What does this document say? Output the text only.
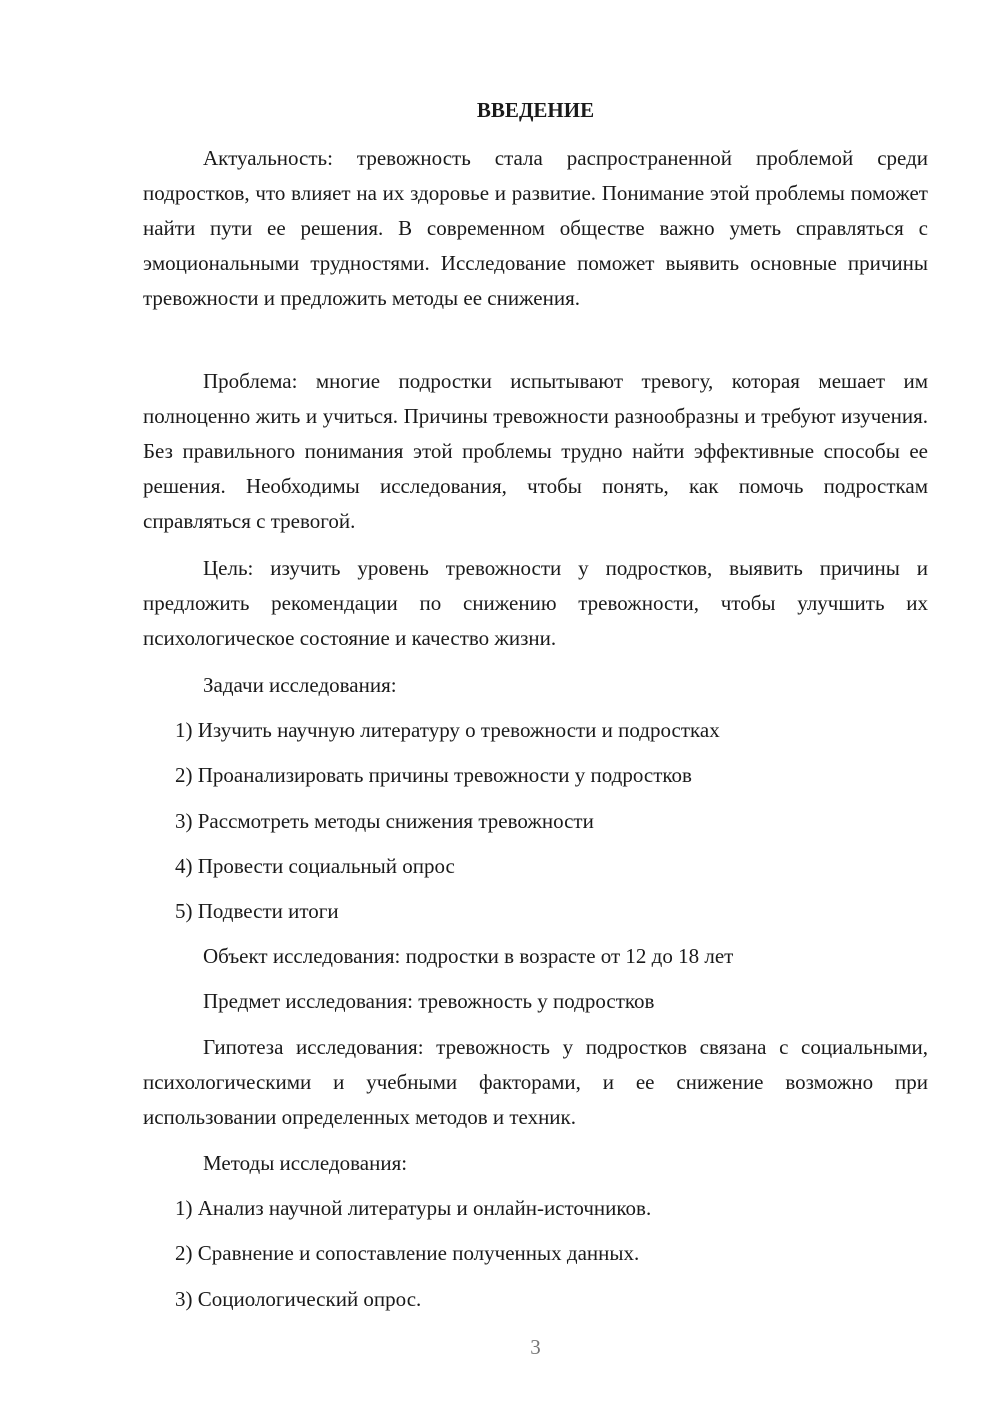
ВВЕДЕНИЕ

Актуальность: тревожность стала распространенной проблемой среди подростков, что влияет на их здоровье и развитие. Понимание этой проблемы поможет найти пути ее решения. В современном обществе важно уметь справляться с эмоциональными трудностями. Исследование поможет выявить основные причины тревожности и предложить методы ее снижения.

Проблема: многие подростки испытывают тревогу, которая мешает им полноценно жить и учиться. Причины тревожности разнообразны и требуют изучения. Без правильного понимания этой проблемы трудно найти эффективные способы ее решения. Необходимы исследования, чтобы понять, как помочь подросткам справляться с тревогой.

Цель: изучить уровень тревожности у подростков, выявить причины и предложить рекомендации по снижению тревожности, чтобы улучшить их психологическое состояние и качество жизни.

Задачи исследования:

1) Изучить научную литературу о тревожности и подростках

2) Проанализировать причины тревожности у подростков

3) Рассмотреть методы снижения тревожности

4) Провести социальный опрос

5) Подвести итоги

Объект исследования: подростки в возрасте от 12 до 18 лет

Предмет исследования: тревожность у подростков

Гипотеза исследования: тревожность у подростков связана с социальными, психологическими и учебными факторами, и ее снижение возможно при использовании определенных методов и техник.

Методы исследования:

1) Анализ научной литературы и онлайн-источников.

2) Сравнение и сопоставление полученных данных.

3) Социологический опрос.

3
